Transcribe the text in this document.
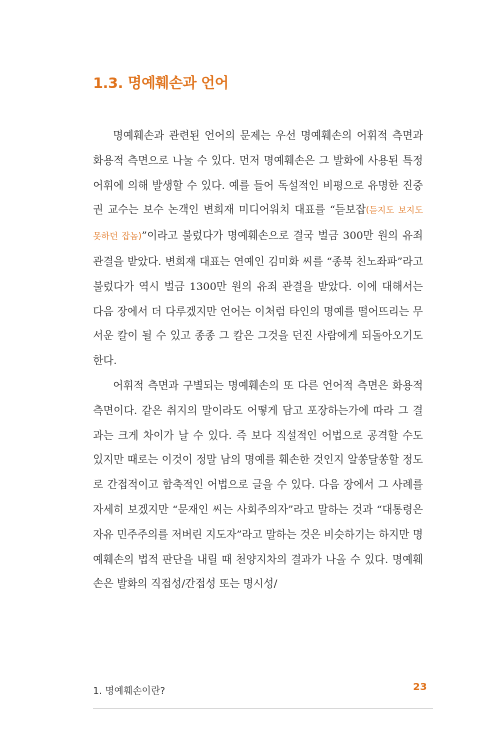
1.3. 명예훼손과 언어

명예훼손과 관련된 언어의 문제는 우선 명예훼손의 어휘적 측면과 화용적 측면으로 나눌 수 있다. 먼저 명예훼손은 그 발화에 사용된 특정 어휘에 의해 발생할 수 있다. 예를 들어 독설적인 비평으로 유명한 진중권 교수는 보수 논객인 변희재 미디어워치 대표를 “듣보잡(듣지도 보지도 못하던 잡놈)”이라고 불렀다가 명예훼손으로 결국 벌금 300만 원의 유죄 관결을 받았다. 변희재 대표는 연예인 김미화 씨를 “종북 친노좌파”라고 불렀다가 역시 벌금 1300만 원의 유죄 관결을 받았다. 이에 대해서는 다음 장에서 더 다루겠지만 언어는 이처럼 타인의 명예를 떨어뜨리는 무서운 칼이 될 수 있고 종종 그 칼은 그것을 던진 사람에게 되돌아오기도 한다.

어휘적 측면과 구별되는 명예훼손의 또 다른 언어적 측면은 화용적 측면이다. 같은 취지의 말이라도 어떻게 담고 포장하는가에 따라 그 결과는 크게 차이가 날 수 있다. 즉 보다 직설적인 어법으로 공격할 수도 있지만 때로는 이것이 정말 남의 명예를 훼손한 것인지 알쏭달쏭할 정도로 간접적이고 함축적인 어법으로 글을 수 있다. 다음 장에서 그 사례를 자세히 보겠지만 “문재인 씨는 사회주의자”라고 말하는 것과 “대통령은 자유 민주주의를 저버린 지도자”라고 말하는 것은 비슷하기는 하지만 명예훼손의 법적 판단을 내릴 때 천양지차의 결과가 나올 수 있다. 명예훼손은 발화의 직접성/간접성 또는 명시성/

1. 명예훼손이란?	23
